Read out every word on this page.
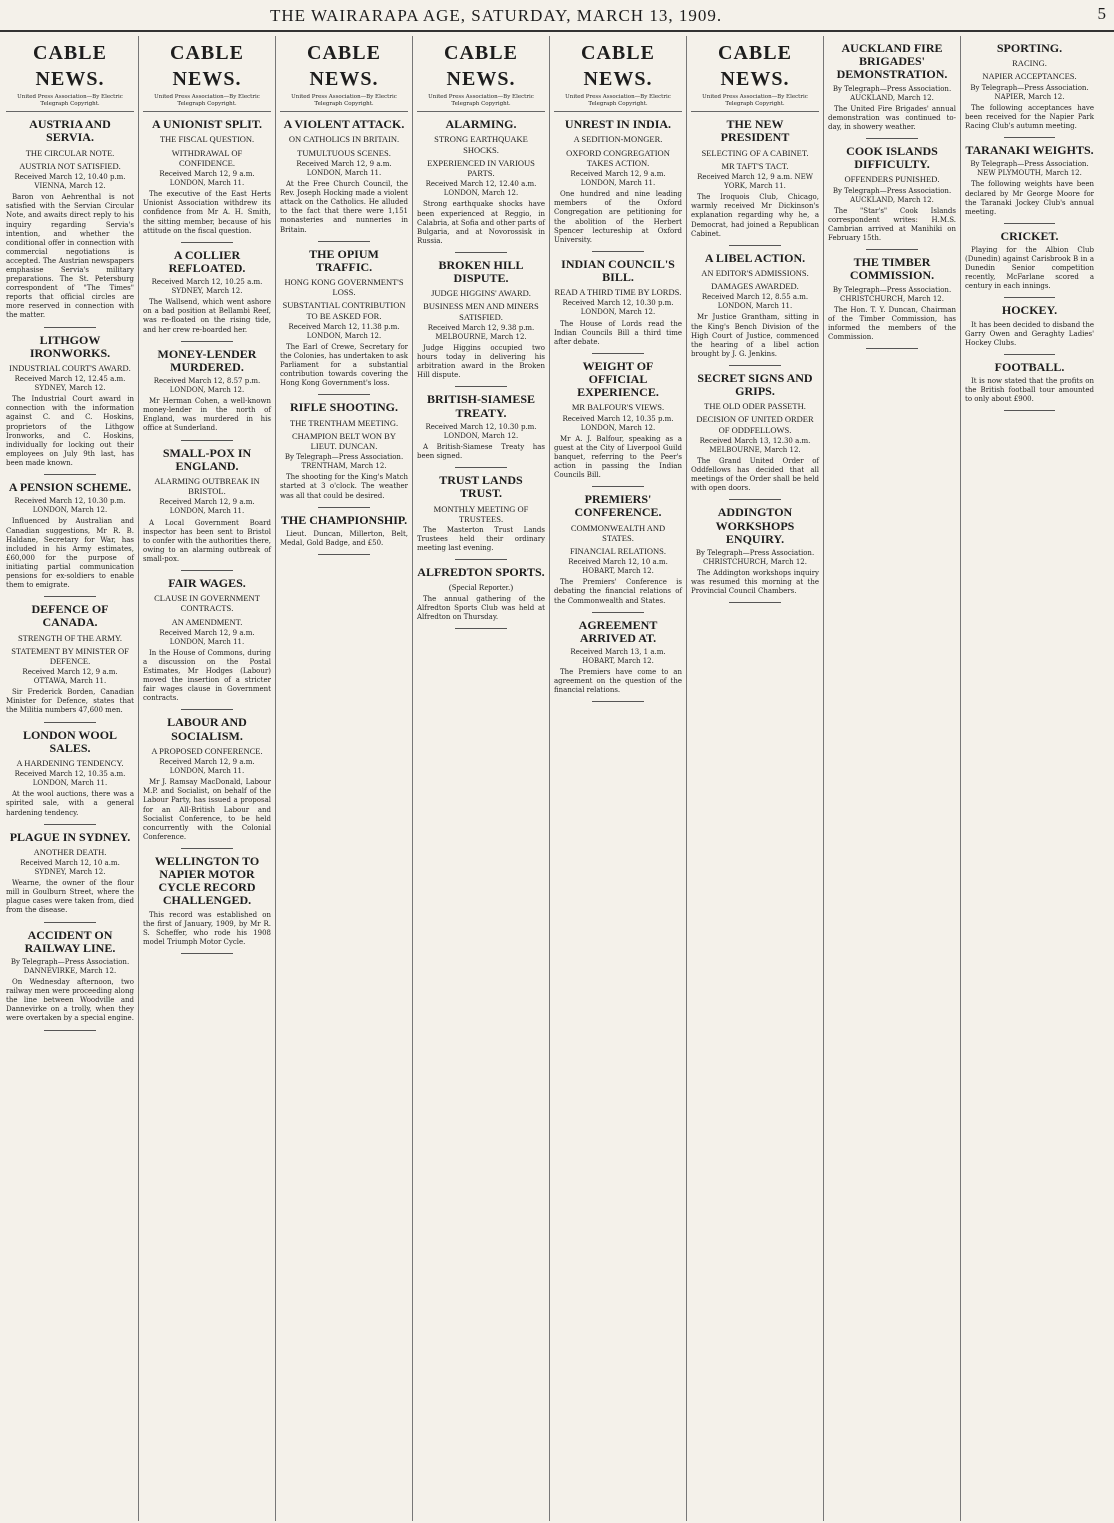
THE WAIRARAPA AGE, SATURDAY, MARCH 13, 1909.	5
CABLE NEWS.
United Press Association—By Electric Telegraph Copyright.
AUSTRIA AND SERVIA.
THE CIRCULAR NOTE.
AUSTRIA NOT SATISFIED.
Received March 12, 10.40 p.m. VIENNA, March 12.
Baron von Aehrenthal is not satisfied with the Servian Circular Note, and awaits direct reply to his inquiry regarding Servia's intention, and whether the conditional offer in connection with commercial negotiations is accepted. The Austrian newspapers emphasise Servia's military preparations. The St. Petersburg correspondent of "The Times" reports that official circles are more reserved in connection with the matter.
LITHGOW IRONWORKS.
INDUSTRIAL COURT'S AWARD.
Received March 12, 12.45 a.m. SYDNEY, March 12.
The Industrial Court award in connection with the information against C. and C. Hoskins, proprietors of the Lithgow Ironworks, and C. Hoskins, individually for locking out their employees on July 9th last, has been made known.
A PENSION SCHEME.
Received March 12, 10.30 p.m. LONDON, March 12.
Influenced by Australian and Canadian suggestions, Mr R. B. Haldane, Secretary for War, has included in his Army estimates, £60,000 for the purpose of initiating partial communication pensions for ex-soldiers to enable them to emigrate.
DEFENCE OF CANADA.
STRENGTH OF THE ARMY.
STATEMENT BY MINISTER OF DEFENCE.
Received March 12, 9 a.m. OTTAWA, March 11.
Sir Frederick Borden, Canadian Minister for Defence, states that the Militia numbers 47,600 men.
LONDON WOOL SALES.
A HARDENING TENDENCY.
Received March 12, 10.35 a.m. LONDON, March 11.
At the wool auctions, there was a spirited sale, with a general hardening tendency.
PLAGUE IN SYDNEY.
ANOTHER DEATH.
Received March 12, 10 a.m. SYDNEY, March 12.
Wearne, the owner of the flour mill in Goulburn Street, where the plague cases were taken from, died from the disease.
ACCIDENT ON RAILWAY LINE.
By Telegraph—Press Association. DANNEVIRKE, March 12.
On Wednesday afternoon, two railway men were proceeding along the line between Woodville and Dannevirke on a trolly, when they were overtaken by a special engine.
CABLE NEWS.
United Press Association—By Electric Telegraph Copyright.
A UNIONIST SPLIT.
THE FISCAL QUESTION.
WITHDRAWAL OF CONFIDENCE.
Received March 12, 9 a.m. LONDON, March 11.
The executive of the East Herts Unionist Association withdrew its confidence from Mr A. H. Smith, the sitting member, because of his attitude on the fiscal question.
A COLLIER REFLOATED.
Received March 12, 10.25 a.m. SYDNEY, March 12.
The Wallsend, which went ashore on a bad position at Bellambi Reef, was re-floated on the rising tide, and her crew re-boarded her.
MONEY-LENDER MURDERED.
Received March 12, 8.57 p.m. LONDON, March 12.
Mr Herman Cohen, a well-known money-lender in the north of England, was murdered in his office at Sunderland.
SMALL-POX IN ENGLAND.
ALARMING OUTBREAK IN BRISTOL.
Received March 12, 9 a.m. LONDON, March 11.
A Local Government Board inspector has been sent to Bristol to confer with the authorities there, owing to an alarming outbreak of small-pox.
FAIR WAGES.
CLAUSE IN GOVERNMENT CONTRACTS.
AN AMENDMENT.
Received March 12, 9 a.m. LONDON, March 11.
In the House of Commons, during a discussion on the Postal Estimates, Mr Hodges (Labour) moved the insertion of a stricter fair wages clause in Government contracts.
LABOUR AND SOCIALISM.
A PROPOSED CONFERENCE.
Received March 12, 9 a.m. LONDON, March 11.
Mr J. Ramsay MacDonald, Labour M.P. and Socialist, on behalf of the Labour Party, has issued a proposal for an All-British Labour and Socialist Conference, to be held concurrently with the Colonial Conference.
WELLINGTON TO NAPIER MOTOR CYCLE RECORD CHALLENGED.
This record was established on the first of January, 1909, by Mr R. S. Scheffer, who rode his 1908 model Triumph Motor Cycle.
CABLE NEWS.
United Press Association—By Electric Telegraph Copyright.
A VIOLENT ATTACK.
ON CATHOLICS IN BRITAIN.
TUMULTUOUS SCENES.
Received March 12, 9 a.m. LONDON, March 11.
At the Free Church Council, the Rev. Joseph Hocking made a violent attack on the Catholics. He alluded to the fact that there were 1,151 monasteries and nunneries in Britain.
THE OPIUM TRAFFIC.
HONG KONG GOVERNMENT'S LOSS.
SUBSTANTIAL CONTRIBUTION TO BE ASKED FOR.
Received March 12, 11.38 p.m. LONDON, March 12.
The Earl of Crewe, Secretary for the Colonies, has undertaken to ask Parliament for a substantial contribution towards covering the Hong Kong Government's loss.
RIFLE SHOOTING.
THE TRENTHAM MEETING.
CHAMPION BELT WON BY LIEUT. DUNCAN.
By Telegraph—Press Association. TRENTHAM, March 12.
The shooting for the King's Match started at 3 o'clock. The weather was all that could be desired.
THE CHAMPIONSHIP.
Lieut. Duncan, Millerton, Belt, Medal, Gold Badge, and £50.
CABLE NEWS.
United Press Association—By Electric Telegraph Copyright.
ALARMING.
STRONG EARTHQUAKE SHOCKS.
EXPERIENCED IN VARIOUS PARTS.
Received March 12, 12.40 a.m. LONDON, March 12.
Strong earthquake shocks have been experienced at Reggio, in Calabria, at Sofia and other parts of Bulgaria, and at Novorossisk in Russia.
BROKEN HILL DISPUTE.
JUDGE HIGGINS' AWARD.
BUSINESS MEN AND MINERS SATISFIED.
Received March 12, 9.38 p.m. MELBOURNE, March 12.
Judge Higgins occupied two hours today in delivering his arbitration award in the Broken Hill dispute.
BRITISH-SIAMESE TREATY.
Received March 12, 10.30 p.m. LONDON, March 12.
A British-Siamese Treaty has been signed.
TRUST LANDS TRUST.
MONTHLY MEETING OF TRUSTEES.
The Masterton Trust Lands Trustees held their ordinary meeting last evening.
ALFREDTON SPORTS.
(Special Reporter.)
The annual gathering of the Alfredton Sports Club was held at Alfredton on Thursday.
CABLE NEWS.
United Press Association—By Electric Telegraph Copyright.
UNREST IN INDIA.
A SEDITION-MONGER.
OXFORD CONGREGATION TAKES ACTION.
Received March 12, 9 a.m. LONDON, March 11.
One hundred and nine leading members of the Oxford Congregation are petitioning for the abolition of the Herbert Spencer lectureship at Oxford University.
INDIAN COUNCIL'S BILL.
READ A THIRD TIME BY LORDS.
Received March 12, 10.30 p.m. LONDON, March 12.
The House of Lords read the Indian Councils Bill a third time after debate.
WEIGHT OF OFFICIAL EXPERIENCE.
MR BALFOUR'S VIEWS.
Received March 12, 10.35 p.m. LONDON, March 12.
Mr A. J. Balfour, speaking as a guest at the City of Liverpool Guild banquet, referring to the Peer's action in passing the Indian Councils Bill.
PREMIERS' CONFERENCE.
COMMONWEALTH AND STATES.
FINANCIAL RELATIONS.
Received March 12, 10 a.m. HOBART, March 12.
The Premiers' Conference is debating the financial relations of the Commonwealth and States.
AGREEMENT ARRIVED AT.
Received March 13, 1 a.m. HOBART, March 12.
The Premiers have come to an agreement on the question of the financial relations.
CABLE NEWS.
United Press Association—By Electric Telegraph Copyright.
THE NEW PRESIDENT
SELECTING OF A CABINET.
MR TAFT'S TACT.
Received March 12, 9 a.m. NEW YORK, March 11.
The Iroquois Club, Chicago, warmly received Mr Dickinson's explanation regarding why he, a Democrat, had joined a Republican Cabinet.
A LIBEL ACTION.
AN EDITOR'S ADMISSIONS.
DAMAGES AWARDED.
Received March 12, 8.55 a.m. LONDON, March 11.
Mr Justice Grantham, sitting in the King's Bench Division of the High Court of Justice, commenced the hearing of a libel action brought by J. G. Jenkins.
SECRET SIGNS AND GRIPS.
THE OLD ODER PASSETH.
DECISION OF UNITED ORDER OF ODDFELLOWS.
Received March 13, 12.30 a.m. MELBOURNE, March 12.
The Grand United Order of Oddfellows has decided that all meetings of the Order shall be held with open doors.
ADDINGTON WORKSHOPS ENQUIRY.
By Telegraph—Press Association. CHRISTCHURCH, March 12.
The Addington workshops inquiry was resumed this morning at the Provincial Council Chambers.
AUCKLAND FIRE BRIGADES' DEMONSTRATION.
By Telegraph—Press Association. AUCKLAND, March 12.
The United Fire Brigades' annual demonstration was continued to-day, in showery weather.
COOK ISLANDS DIFFICULTY.
OFFENDERS PUNISHED.
By Telegraph—Press Association. AUCKLAND, March 12.
The "Star's" Cook Islands correspondent writes: H.M.S. Cambrian arrived at Manihiki on February 15th.
THE TIMBER COMMISSION.
By Telegraph—Press Association. CHRISTCHURCH, March 12.
The Hon. T. Y. Duncan, Chairman of the Timber Commission, has informed the members of the Commission.
SPORTING.
RACING.
NAPIER ACCEPTANCES.
By Telegraph—Press Association. NAPIER, March 12.
The following acceptances have been received for the Napier Park Racing Club's autumn meeting.
TARANAKI WEIGHTS.
By Telegraph—Press Association. NEW PLYMOUTH, March 12.
The following weights have been declared by Mr George Moore for the Taranaki Jockey Club's annual meeting.
CRICKET.
Playing for the Albion Club (Dunedin) against Carisbrook B in a Dunedin Senior competition recently, McFarlane scored a century in each innings.
HOCKEY.
It has been decided to disband the Garry Owen and Geraghty Ladies' Hockey Clubs.
FOOTBALL.
It is now stated that the profits on the British football tour amounted to only about £900.
